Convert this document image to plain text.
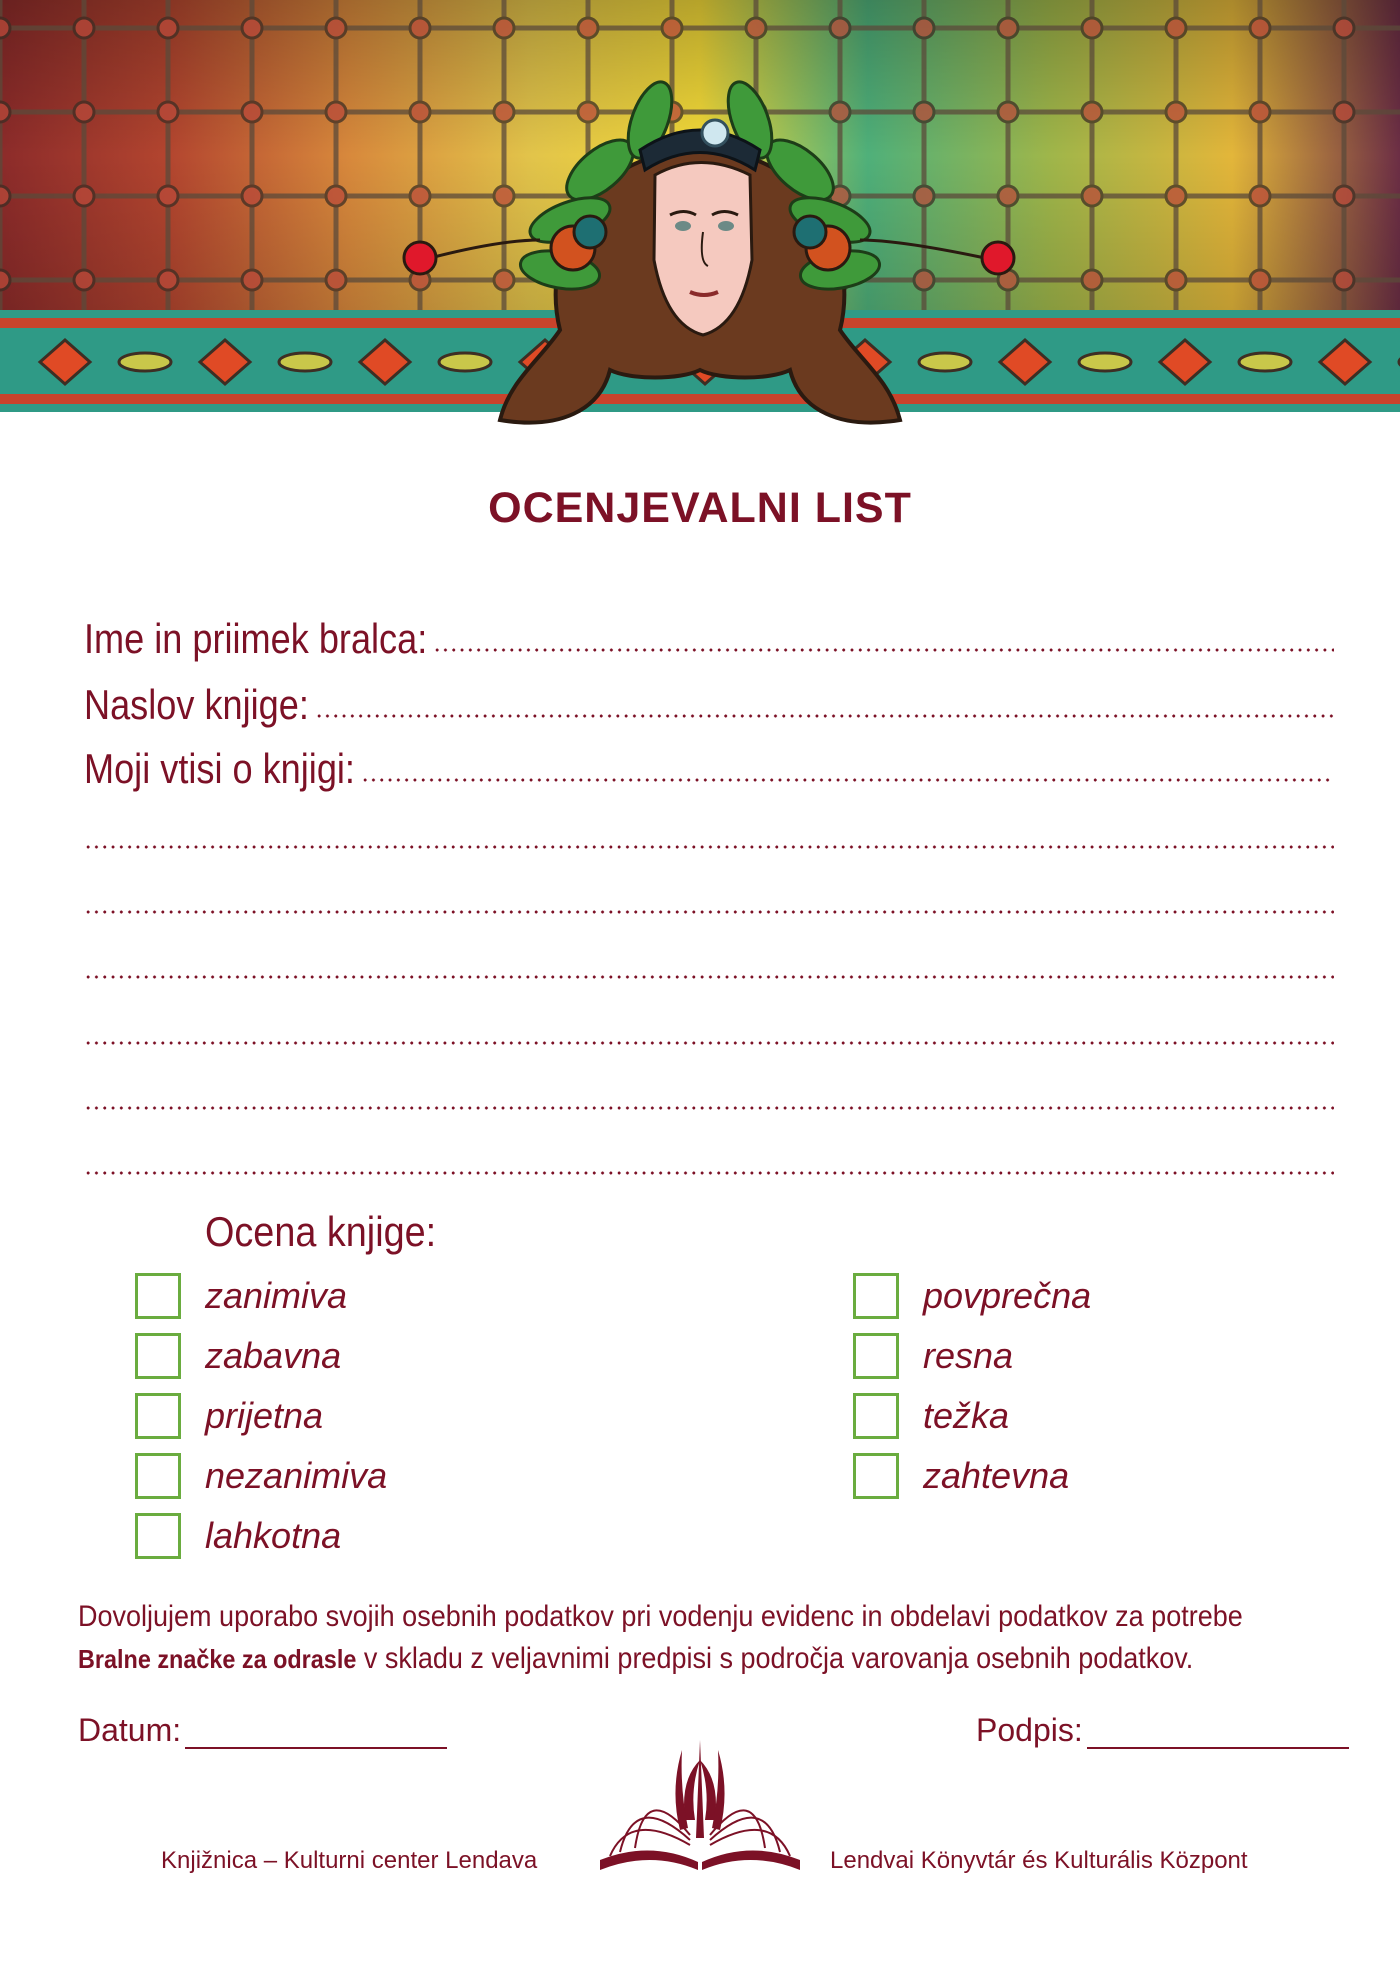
OCENJEVALNI LIST
Ime in priimek bralca:
Naslov knjige:
Moji vtisi o knjigi:
Ocena knjige:
zanimiva
zabavna
prijetna
nezanimiva
lahkotna
povprečna
resna
težka
zahtevna
Dovoljujem uporabo svojih osebnih podatkov pri vodenju evidenc in obdelavi podatkov za potrebe
Bralne značke za odrasle v skladu z veljavnimi predpisi s področja varovanja osebnih podatkov.
Datum:	Podpis:
Knjižnica – Kulturni center Lendava	Lendvai Könyvtár és Kulturális Központ
